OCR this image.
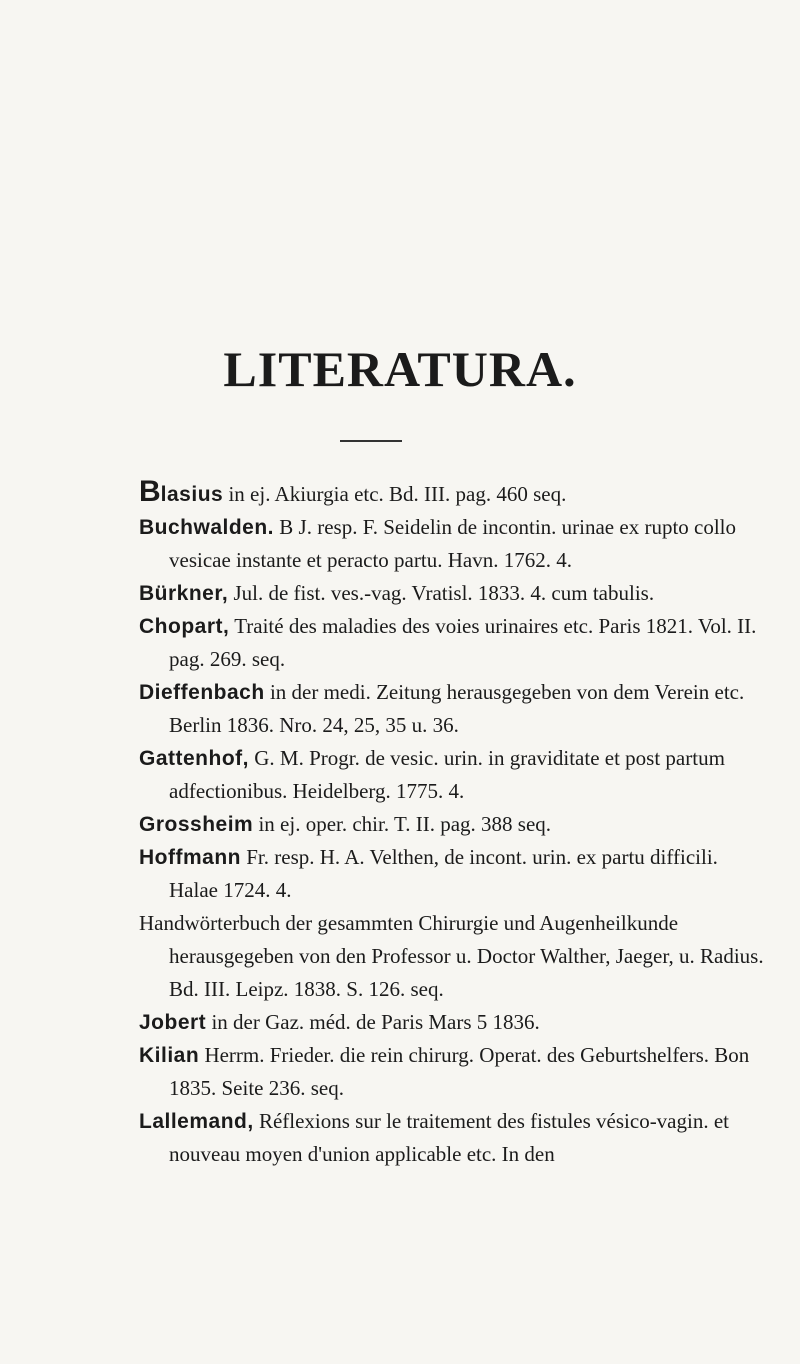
LITERATURA.
Blasius in ej. Akiurgia etc. Bd. III. pag. 460 seq.
Buchwalden. B J. resp. F. Seidelin de incontin. urinae ex rupto collo vesicae instante et peracto partu. Havn. 1762. 4.
Bürkner, Jul. de fist. ves.-vag. Vratisl. 1833. 4. cum tabulis.
Chopart, Traité des maladies des voies urinaires etc. Paris 1821. Vol. II. pag. 269. seq.
Dieffenbach in der medi. Zeitung herausgegeben von dem Verein etc. Berlin 1836. Nro. 24, 25, 35 u. 36.
Gattenhof, G. M. Progr. de vesic. urin. in graviditate et post partum adfectionibus. Heidelberg. 1775. 4.
Grossheim in ej. oper. chir. T. II. pag. 388 seq.
Hoffmann Fr. resp. H. A. Velthen, de incont. urin. ex partu difficili. Halae 1724. 4.
Handwörterbuch der gesammten Chirurgie und Augenheilkunde herausgegeben von den Professor u. Doctor Walther, Jaeger, u. Radius. Bd. III. Leipz. 1838. S. 126. seq.
Jobert in der Gaz. méd. de Paris Mars 5 1836.
Kilian Herrm. Frieder. die rein chirurg. Operat. des Geburtshelfers. Bon 1835. Seite 236. seq.
Lallemand, Réflexions sur le traitement des fistules vésico-vagin. et nouveau moyen d'union applicable etc. In den
